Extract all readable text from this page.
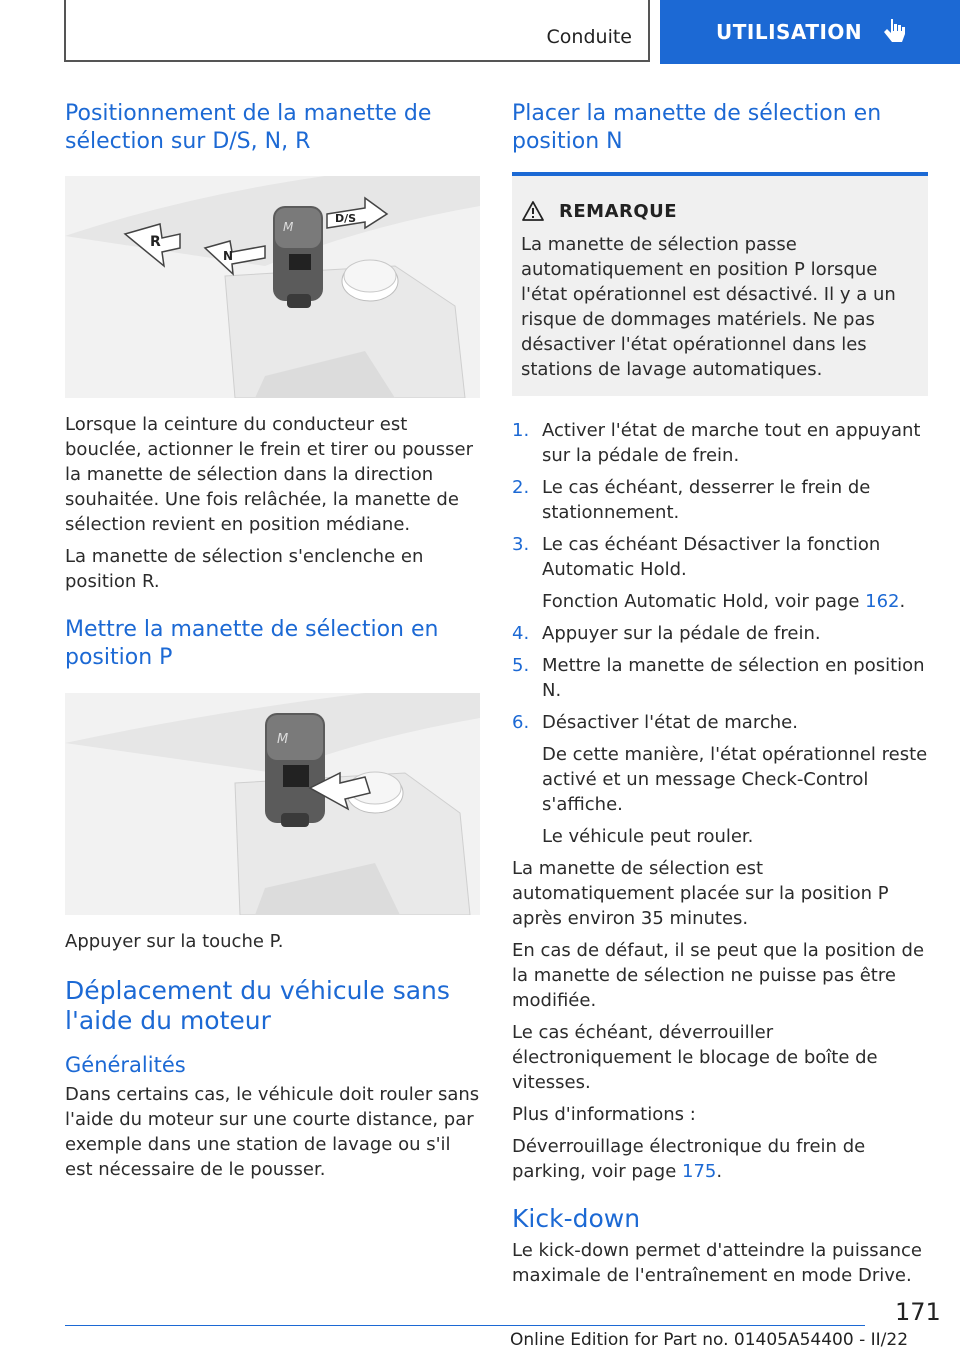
Conduite	UTILISATION
Positionnement de la manette de sélection sur D/S, N, R
M
R
N
D/S

Lorsque la ceinture du conducteur est bouclée, actionner le frein et tirer ou pousser la manette de sélection dans la direction souhaitée. Une fois relâchée, la manette de sélection revient en position médiane.

La manette de sélection s'enclenche en position R.

Mettre la manette de sélection en position P
M

Appuyer sur la touche P.

Déplacement du véhicule sans l'aide du moteur
Généralités

Dans certains cas, le véhicule doit rouler sans l'aide du moteur sur une courte distance, par exemple dans une station de lavage ou s'il est nécessaire de le pousser.

Placer la manette de sélection en position N
REMARQUE

La manette de sélection passe automatiquement en position P lorsque l'état opérationnel est désactivé. Il y a un risque de dommages matériels. Ne pas désactiver l'état opérationnel dans les stations de lavage automatiques.

1. Activer l'état de marche tout en appuyant sur la pédale de frein.
2. Le cas échéant, desserrer le frein de stationnement.
3. Le cas échéant Désactiver la fonction Automatic Hold.

Fonction Automatic Hold, voir page 162.

4. Appuyer sur la pédale de frein.
5. Mettre la manette de sélection en position N.
6. Désactiver l'état de marche.

De cette manière, l'état opérationnel reste activé et un message Check-Control s'affiche.

Le véhicule peut rouler.

La manette de sélection est automatiquement placée sur la position P après environ 35 minutes.

En cas de défaut, il se peut que la position de la manette de sélection ne puisse pas être modifiée.

Le cas échéant, déverrouiller électroniquement le blocage de boîte de vitesses.

Plus d'informations :

Déverrouillage électronique du frein de parking, voir page 175.

Kick-down

Le kick-down permet d'atteindre la puissance maximale de l'entraînement en mode Drive.

171
Online Edition for Part no. 01405A54400 - II/22
